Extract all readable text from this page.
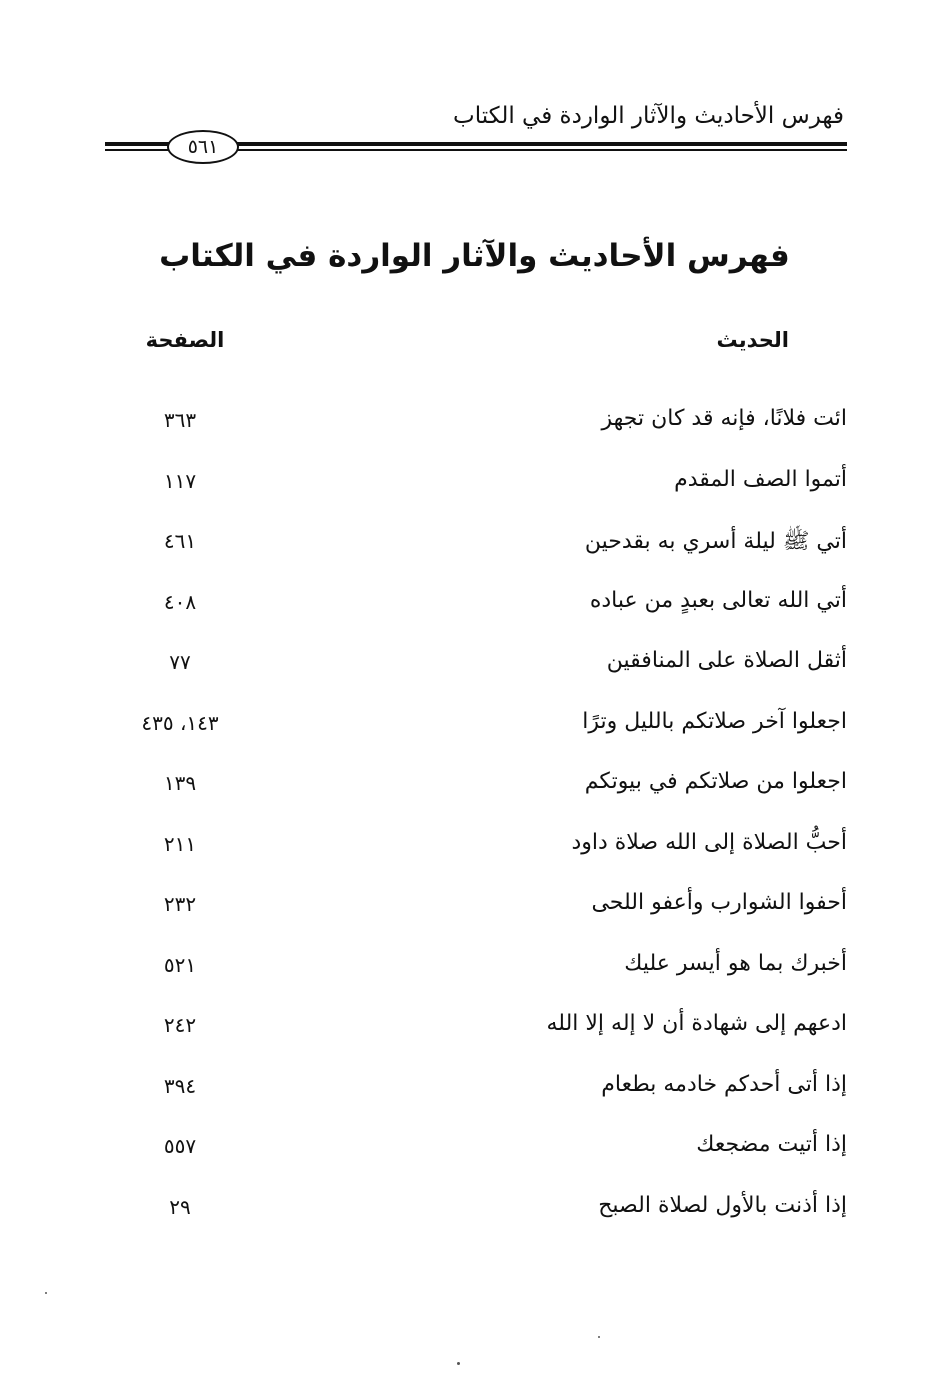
فهرس الأحاديث والآثار الواردة في الكتاب
٥٦١
فهرس الأحاديث والآثار الواردة في الكتاب
الحديث
الصفحة
ائت فلانًا، فإنه قد كان تجهز
٣٦٣
أتموا الصف المقدم
١١٧
أتي ﷺ ليلة أسري به بقدحين
٤٦١
أتي الله تعالى بعبدٍ من عباده
٤٠٨
أثقل الصلاة على المنافقين
٧٧
اجعلوا آخر صلاتكم بالليل وترًا
١٤٣، ٤٣٥
اجعلوا من صلاتكم في بيوتكم
١٣٩
أحبُّ الصلاة إلى الله صلاة داود
٢١١
أحفوا الشوارب وأعفو اللحى
٢٣٢
أخبرك بما هو أيسر عليك
٥٢١
ادعهم إلى شهادة أن لا إله إلا الله
٢٤٢
إذا أتى أحدكم خادمه بطعام
٣٩٤
إذا أتيت مضجعك
٥٥٧
إذا أذنت بالأول لصلاة الصبح
٢٩
